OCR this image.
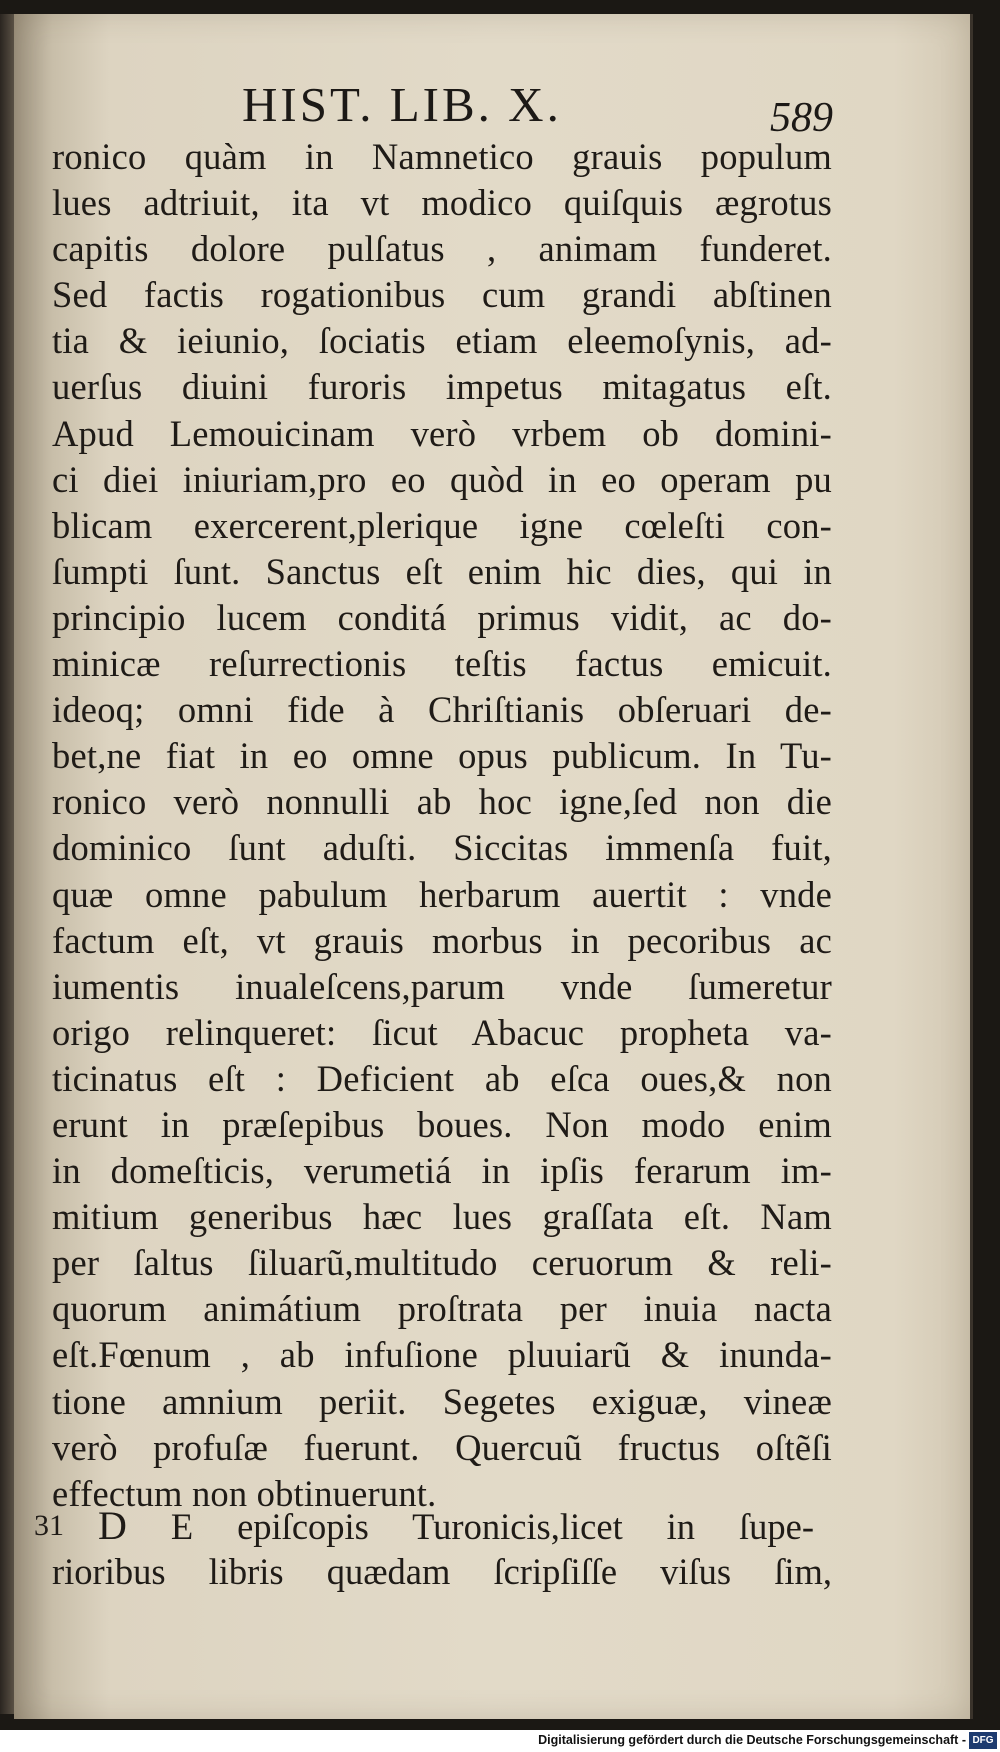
HIST. LIB. X.	589
ronico quàm in Namnetico grauis populum
lues adtriuit, ita vt modico quiſquis ægrotus
capitis dolore pulſatus , animam funderet.
Sed factis rogationibus cum grandi abſtinen
tia & ieiunio, ſociatis etiam eleemoſynis, ad-
uerſus diuini furoris impetus mitagatus eſt.
Apud Lemouicinam verò vrbem ob domini-
ci diei iniuriam,pro eo quòd in eo operam pu
blicam exercerent,plerique igne cœleſti con-
ſumpti ſunt. Sanctus eſt enim hic dies, qui in
principio lucem conditá primus vidit, ac do-
minicæ reſurrectionis teſtis factus emicuit.
ideoq; omni fide à Chriſtianis obſeruari de-
bet,ne fiat in eo omne opus publicum. In Tu-
ronico verò nonnulli ab hoc igne,ſed non die
dominico ſunt aduſti. Siccitas immenſa fuit,
quæ omne pabulum herbarum auertit : vnde
factum eſt, vt grauis morbus in pecoribus ac
iumentis inualeſcens,parum vnde ſumeretur
origo relinqueret: ſicut Abacuc propheta va-
ticinatus eſt : Deficient ab eſca oues,& non
erunt in præſepibus boues. Non modo enim
in domeſticis, verumetiá in ipſis ferarum im-
mitium generibus hæc lues graſſata eſt. Nam
per ſaltus ſiluarũ,multitudo ceruorum & reli-
quorum animátium proſtrata per inuia nacta
eſt.Fœnum , ab infuſione pluuiarũ & inunda-
tione amnium periit. Segetes exiguæ, vineæ
verò profuſæ fuerunt. Quercuũ fructus oſtẽſi
effectum non obtinuerunt.
31 D E epiſcopis Turonicis,licet in ſupe-
rioribus libris quædam ſcripſiſſe viſus ſim,
Digitalisierung gefördert durch die Deutsche Forschungsgemeinschaft - DFG
